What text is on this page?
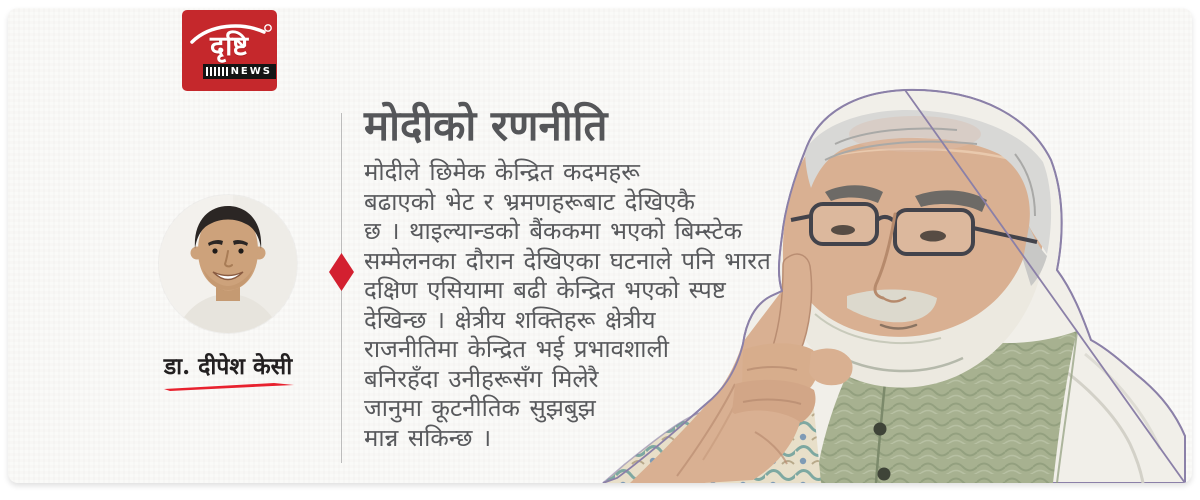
दृष्टि
NEWS
डा. दीपेश केसी
मोदीको रणनीति
मोदीले छिमेक केन्द्रित कदमहरू
बढाएको भेट र भ्रमणहरूबाट देखिएकै
छ । थाइल्यान्डको बैंककमा भएको बिम्स्टेक
सम्मेलनका दौरान देखिएका घटनाले पनि भारत
दक्षिण एसियामा बढी केन्द्रित भएको स्पष्ट
देखिन्छ । क्षेत्रीय शक्तिहरू क्षेत्रीय
राजनीतिमा केन्द्रित भई प्रभावशाली
बनिरहँदा उनीहरूसँग मिलेरै
जानुमा कूटनीतिक सुझबुझ
मान्न सकिन्छ ।
